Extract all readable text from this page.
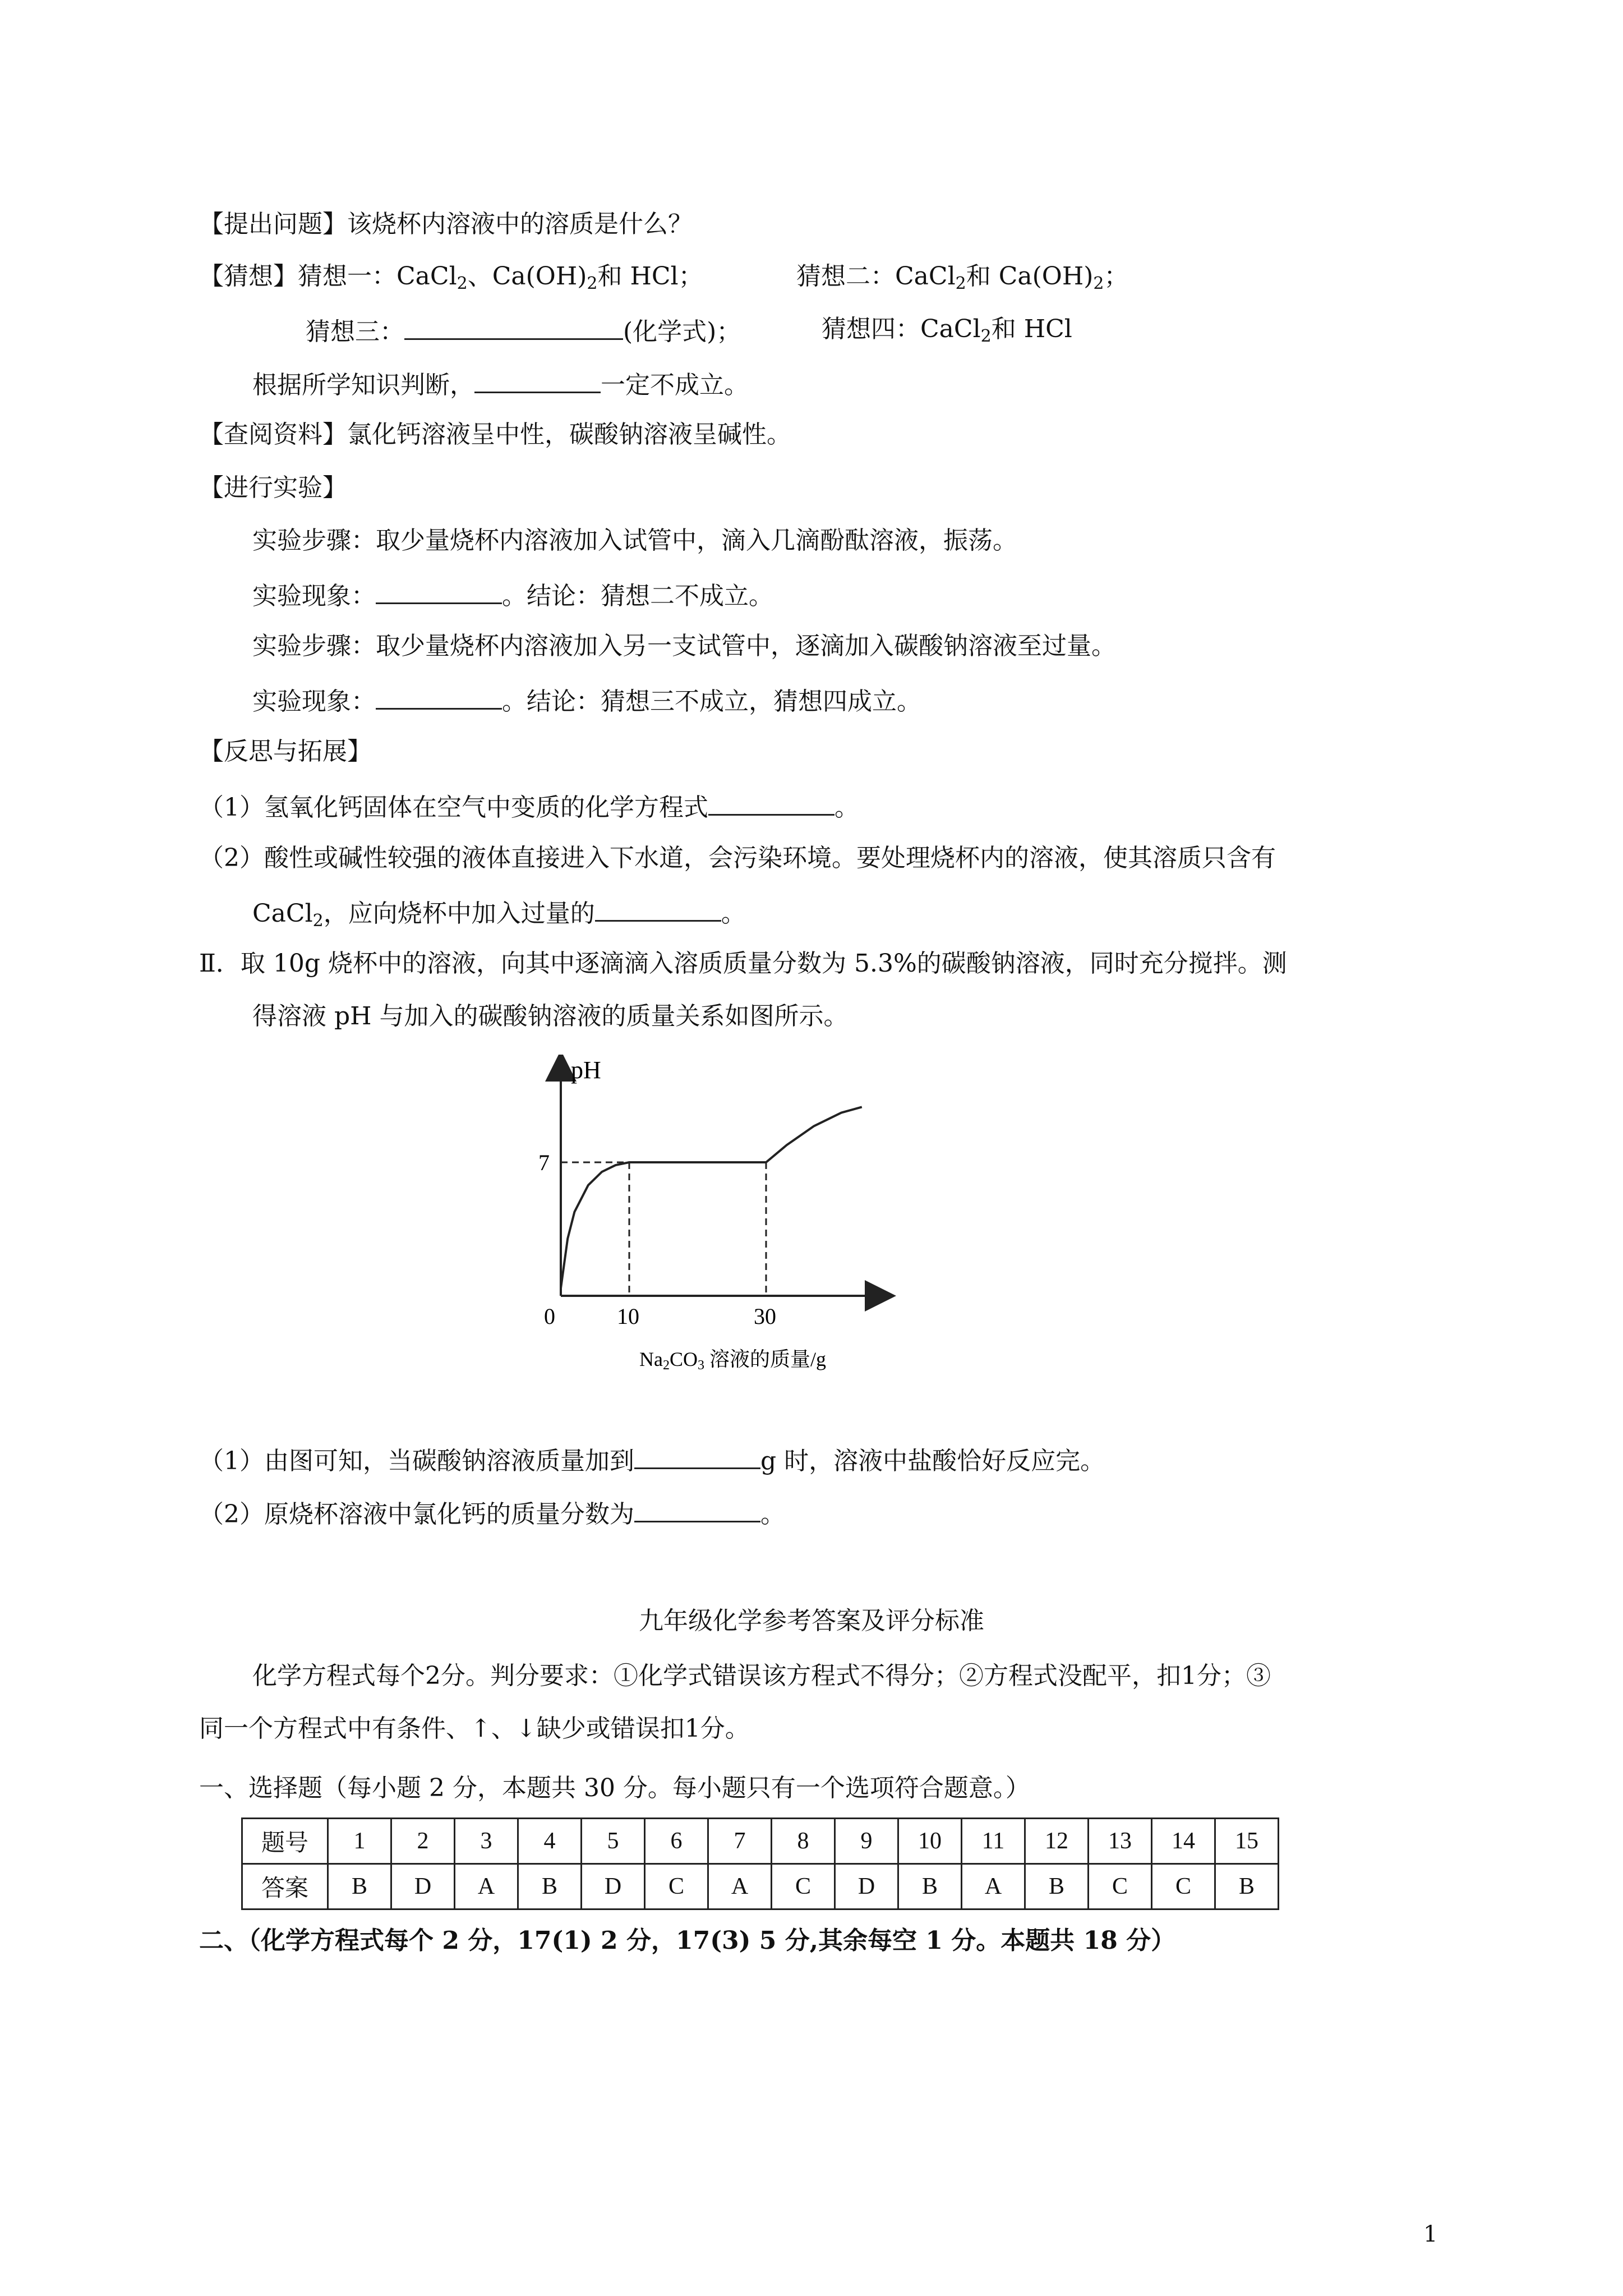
【提出问题】该烧杯内溶液中的溶质是什么？
【猜想】猜想一：CaCl$_2$、$Ca(OH)_2$和 HCl；	猜想二：CaCl$_2$和 $Ca(OH)_2$；
猜想三：	(化学式)；	猜想四：CaCl$_2$和 HCl
根据所学知识判断，	一定不成立。
【查阅资料】氯化钙溶液呈中性，碳酸钠溶液呈碱性。
【进行实验】
实验步骤：取少量烧杯内溶液加入试管中，滴入几滴酚酞溶液，振荡。
实验现象：	。结论：猜想二不成立。
实验步骤：取少量烧杯内溶液加入另一支试管中，逐滴加入碳酸钠溶液至过量。
实验现象：	。结论：猜想三不成立，猜想四成立。
【反思与拓展】
（1）氢氧化钙固体在空气中变质的化学方程式	。
（2）酸性或碱性较强的液体直接进入下水道，会污染环境。要处理烧杯内的溶液，使其溶质只含有
CaCl$_2$，应向烧杯中加入过量的	。
Ⅱ．取 10g 烧杯中的溶液，向其中逐滴滴入溶质质量分数为 5.3%的碳酸钠溶液，同时充分搅拌。测
得溶液 pH 与加入的碳酸钠溶液的质量关系如图所示。
pH
0	10	30
7
Na2CO3 溶液的质量/g
（1）由图可知，当碳酸钠溶液质量加到	g 时，溶液中盐酸恰好反应完。
（2）原烧杯溶液中氯化钙的质量分数为	。
九年级化学参考答案及评分标准
化学方程式每个2分。判分要求：①化学式错误该方程式不得分；②方程式没配平，扣1分；③
同一个方程式中有条件、↑、↓缺少或错误扣1分。
一、选择题（每小题 2 分，本题共 30 分。每小题只有一个选项符合题意。）
题号	1	2	3	4	5	6	7	8	9	10	11	12	13	14	15
答案	B	D	A	B	D	C	A	C	D	B	A	B	C	C	B
二、（化学方程式每个 2 分，17(1) 2 分，17(3) 5 分,其余每空 1 分。本题共 18 分）
1
